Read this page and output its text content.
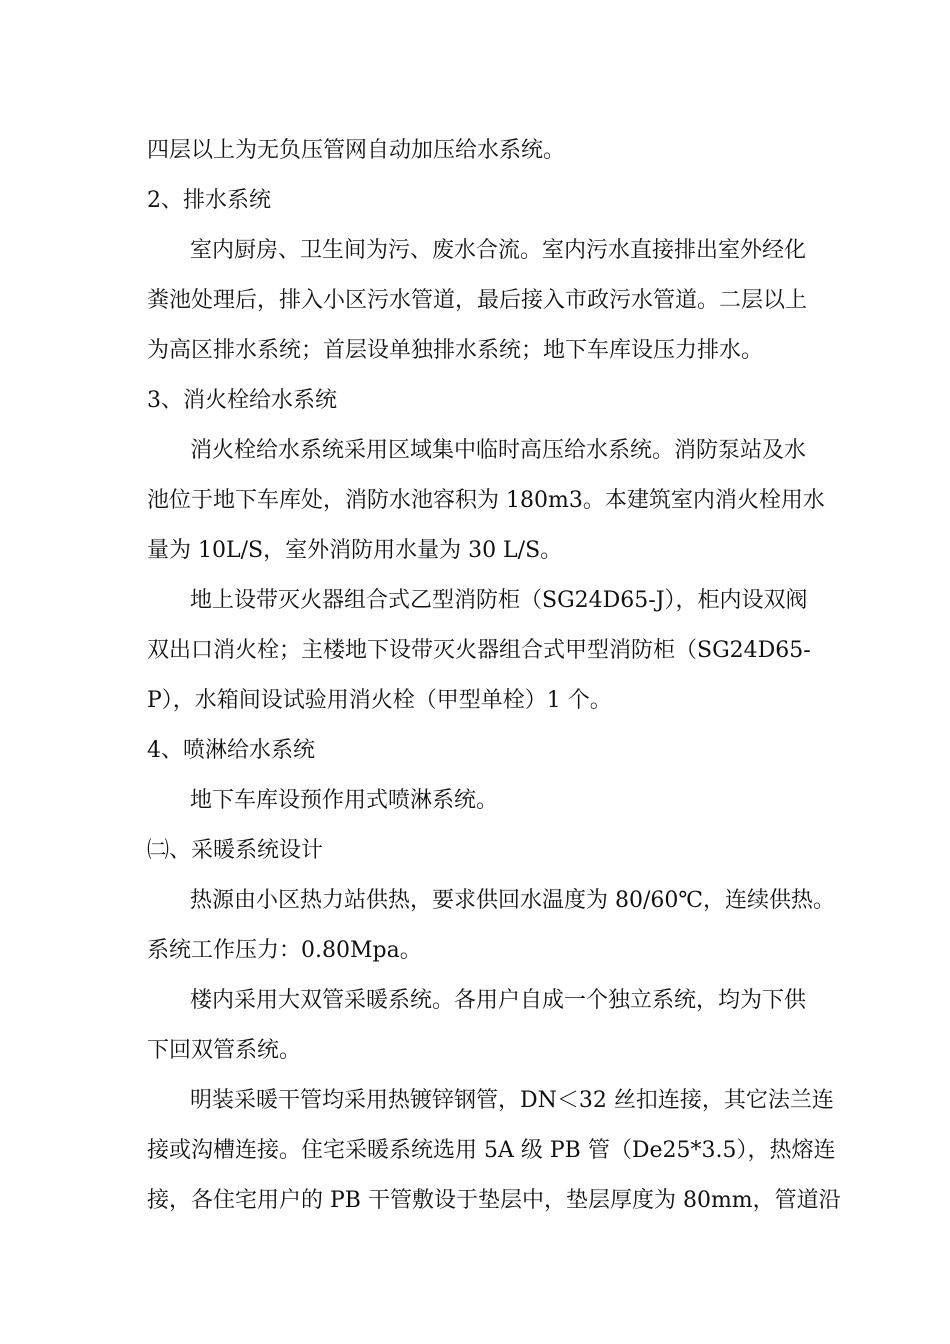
四层以上为无负压管网自动加压给水系统。
2、排水系统
室内厨房、卫生间为污、废水合流。室内污水直接排出室外经化
粪池处理后，排入小区污水管道，最后接入市政污水管道。二层以上
为高区排水系统；首层设单独排水系统；地下车库设压力排水。
3、消火栓给水系统
消火栓给水系统采用区域集中临时高压给水系统。消防泵站及水
池位于地下车库处，消防水池容积为 180m3。本建筑室内消火栓用水
量为 10L/S，室外消防用水量为 30 L/S。
地上设带灭火器组合式乙型消防柜（SG24D65-J），柜内设双阀
双出口消火栓；主楼地下设带灭火器组合式甲型消防柜（SG24D65-
P），水箱间设试验用消火栓（甲型单栓）1 个。
4、喷淋给水系统
地下车库设预作用式喷淋系统。
㈡、采暖系统设计
热源由小区热力站供热，要求供回水温度为 80/60℃，连续供热。
系统工作压力：0.80Mpa。
楼内采用大双管采暖系统。各用户自成一个独立系统，均为下供
下回双管系统。
明装采暖干管均采用热镀锌钢管，DN＜32 丝扣连接，其它法兰连
接或沟槽连接。住宅采暖系统选用 5A 级 PB 管（De25*3.5），热熔连
接，各住宅用户的 PB 干管敷设于垫层中，垫层厚度为 80mm，管道沿
